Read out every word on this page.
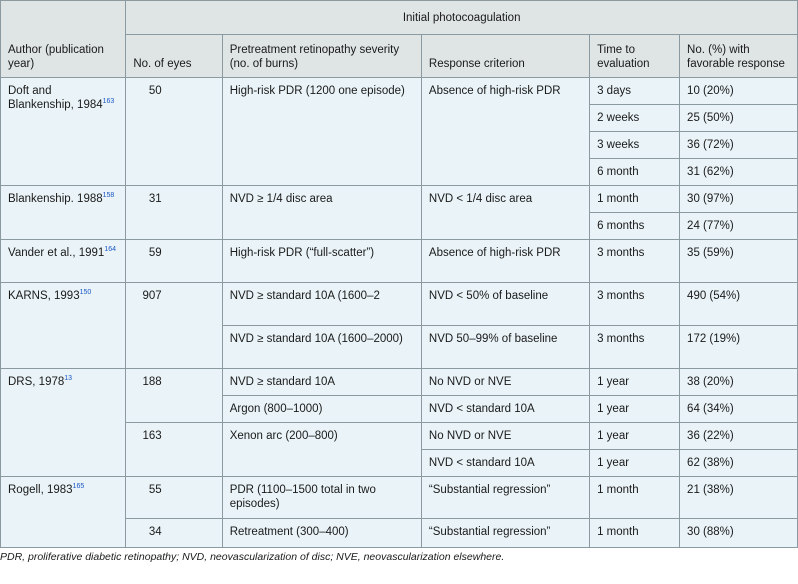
Author (publication year)	Initial photocoagulation				
	No. of eyes	Pretreatment retinopathy severity (no. of burns)	Response criterion	Time to evaluation	No. (%) with favorable response
Doft and Blankenship, 1984$^{163}$	50	High-risk PDR (1200 one episode)	Absence of high-risk PDR	3 days	10 (20%)
				2 weeks	25 (50%)
				3 weeks	36 (72%)
				6 month	31 (62%)
Blankenship. 1988$^{158}$	31	NVD ≥ 1/4 disc area	NVD < 1/4 disc area	1 month	30 (97%)
				6 months	24 (77%)
Vander et al., 1991$^{164}$	59	High-risk PDR (“full-scatter”)	Absence of high-risk PDR	3 months	35 (59%)
KARNS, 1993$^{150}$	907	NVD ≥ standard 10A (1600–2	NVD < 50% of baseline	3 months	490 (54%)
		NVD ≥ standard 10A (1600–2000)	NVD 50–99% of baseline	3 months	172 (19%)
DRS, 1978$^{13}$	188	NVD ≥ standard 10A	No NVD or NVE	1 year	38 (20%)
		Argon (800–1000)	NVD < standard 10A	1 year	64 (34%)
	163	Xenon arc (200–800)	No NVD or NVE	1 year	36 (22%)
			NVD < standard 10A	1 year	62 (38%)
Rogell, 1983$^{165}$	55	PDR (1100–1500 total in two episodes)	“Substantial regression”	1 month	21 (38%)
	34	Retreatment (300–400)	“Substantial regression”	1 month	30 (88%)
PDR, proliferative diabetic retinopathy; NVD, neovascularization of disc; NVE, neovascularization elsewhere.
